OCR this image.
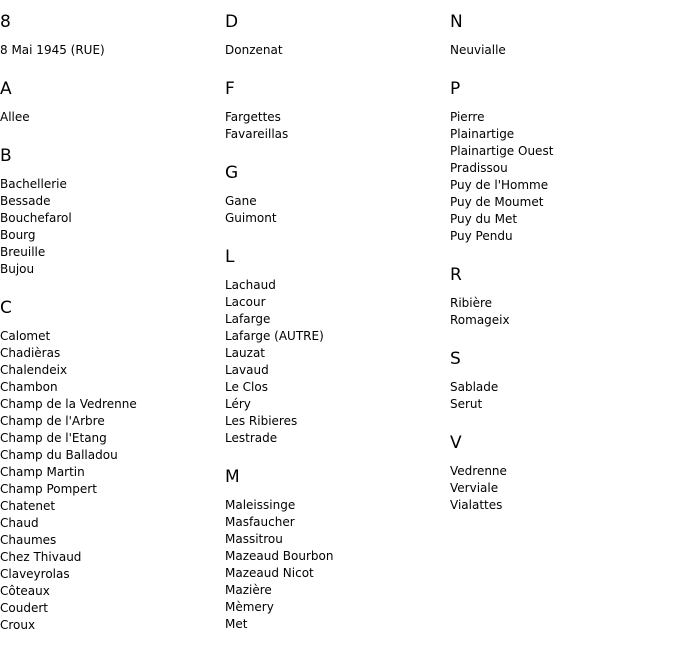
8
8 Mai 1945 (RUE)
A
Allee
B
Bachellerie
Bessade
Bouchefarol
Bourg
Breuille
Bujou
C
Calomet
Chadièras
Chalendeix
Chambon
Champ de la Vedrenne
Champ de l'Arbre
Champ de l'Etang
Champ du Balladou
Champ Martin
Champ Pompert
Chatenet
Chaud
Chaumes
Chez Thivaud
Claveyrolas
Côteaux
Coudert
Croux
D
Donzenat
F
Fargettes
Favareillas
G
Gane
Guimont
L
Lachaud
Lacour
Lafarge
Lafarge (AUTRE)
Lauzat
Lavaud
Le Clos
Léry
Les Ribieres
Lestrade
M
Maleissinge
Masfaucher
Massitrou
Mazeaud Bourbon
Mazeaud Nicot
Mazière
Mèmery
Met
N
Neuvialle
P
Pierre
Plainartige
Plainartige Ouest
Pradissou
Puy de l'Homme
Puy de Moumet
Puy du Met
Puy Pendu
R
Ribière
Romageix
S
Sablade
Serut
V
Vedrenne
Verviale
Vialattes
